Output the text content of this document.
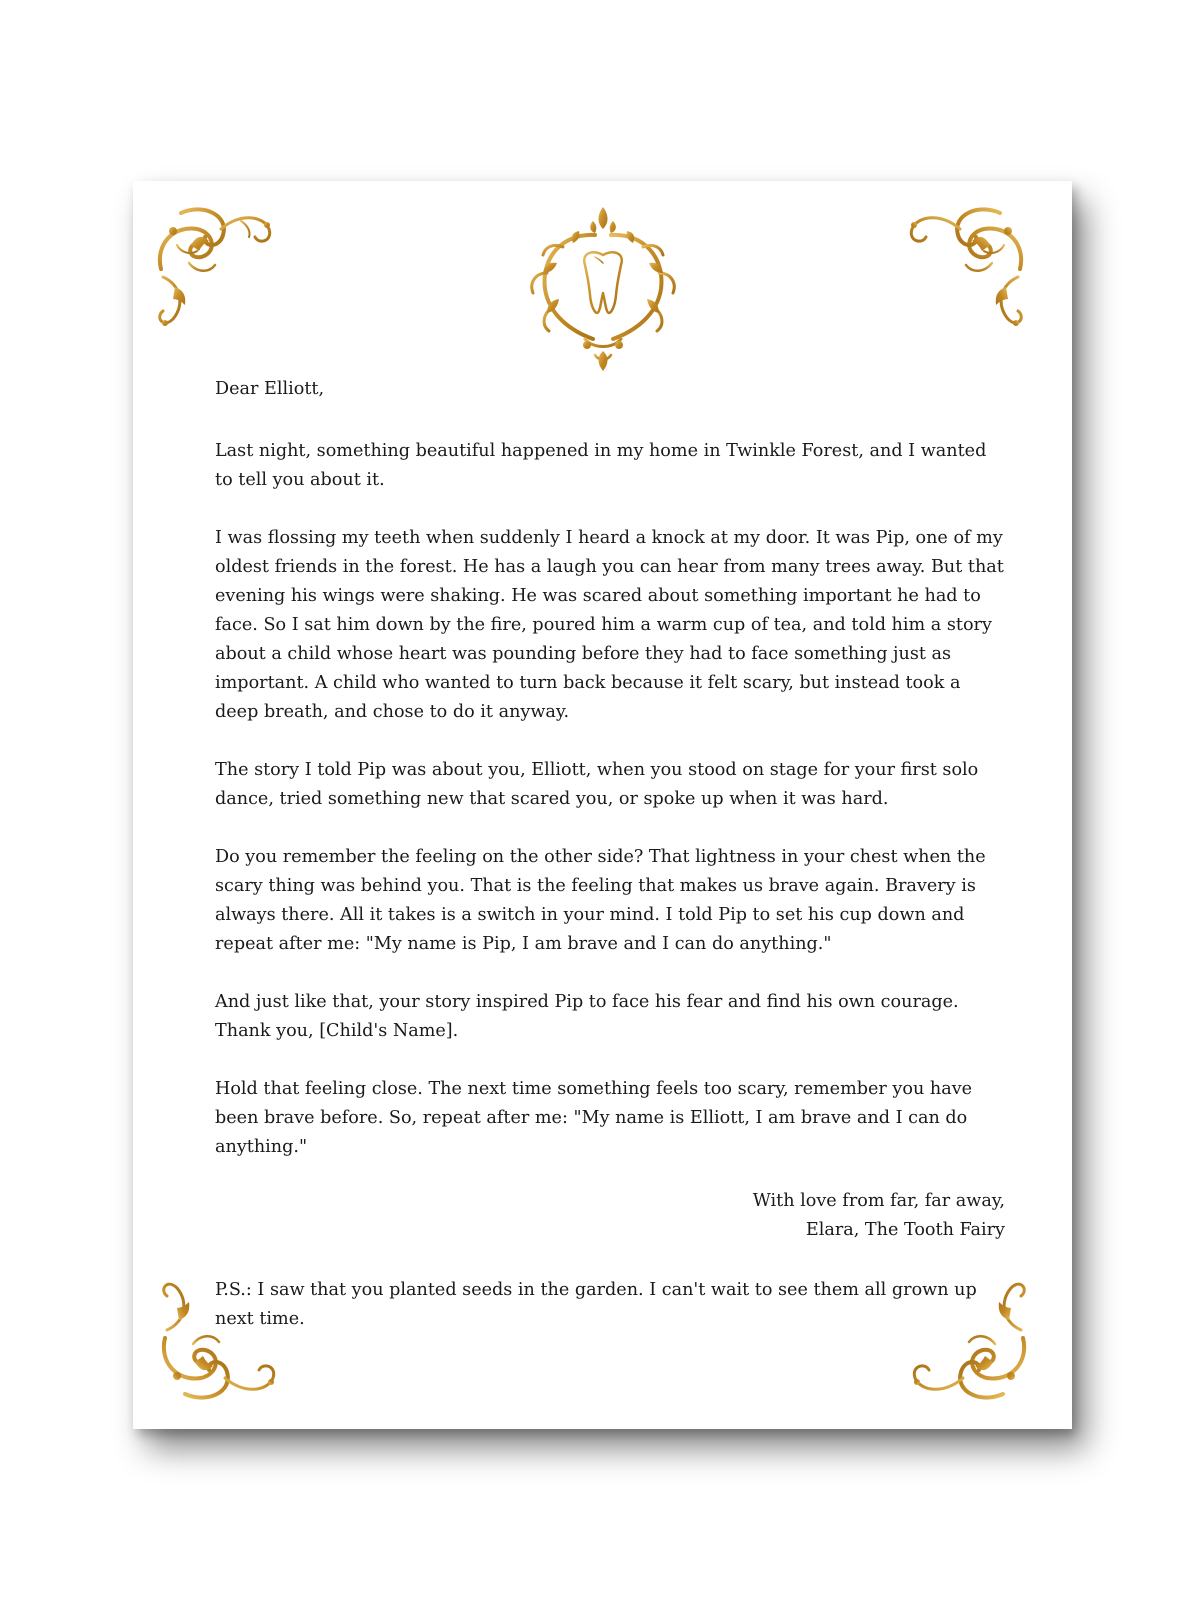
Dear Elliott,

Last night, something beautiful happened in my home in Twinkle Forest, and I wanted to tell you about it.

I was flossing my teeth when suddenly I heard a knock at my door. It was Pip, one of my oldest friends in the forest. He has a laugh you can hear from many trees away. But that evening his wings were shaking. He was scared about something important he had to face. So I sat him down by the fire, poured him a warm cup of tea, and told him a story about a child whose heart was pounding before they had to face something just as important. A child who wanted to turn back because it felt scary, but instead took a deep breath, and chose to do it anyway.

The story I told Pip was about you, Elliott, when you stood on stage for your first solo dance, tried something new that scared you, or spoke up when it was hard.

Do you remember the feeling on the other side? That lightness in your chest when the scary thing was behind you. That is the feeling that makes us brave again. Bravery is always there. All it takes is a switch in your mind. I told Pip to set his cup down and repeat after me: "My name is Pip, I am brave and I can do anything."

And just like that, your story inspired Pip to face his fear and find his own courage. Thank you, [Child's Name].

Hold that feeling close. The next time something feels too scary, remember you have been brave before. So, repeat after me: "My name is Elliott, I am brave and I can do anything."

With love from far, far away,
Elara, The Tooth Fairy

P.S.: I saw that you planted seeds in the garden. I can't wait to see them all grown up next time.
